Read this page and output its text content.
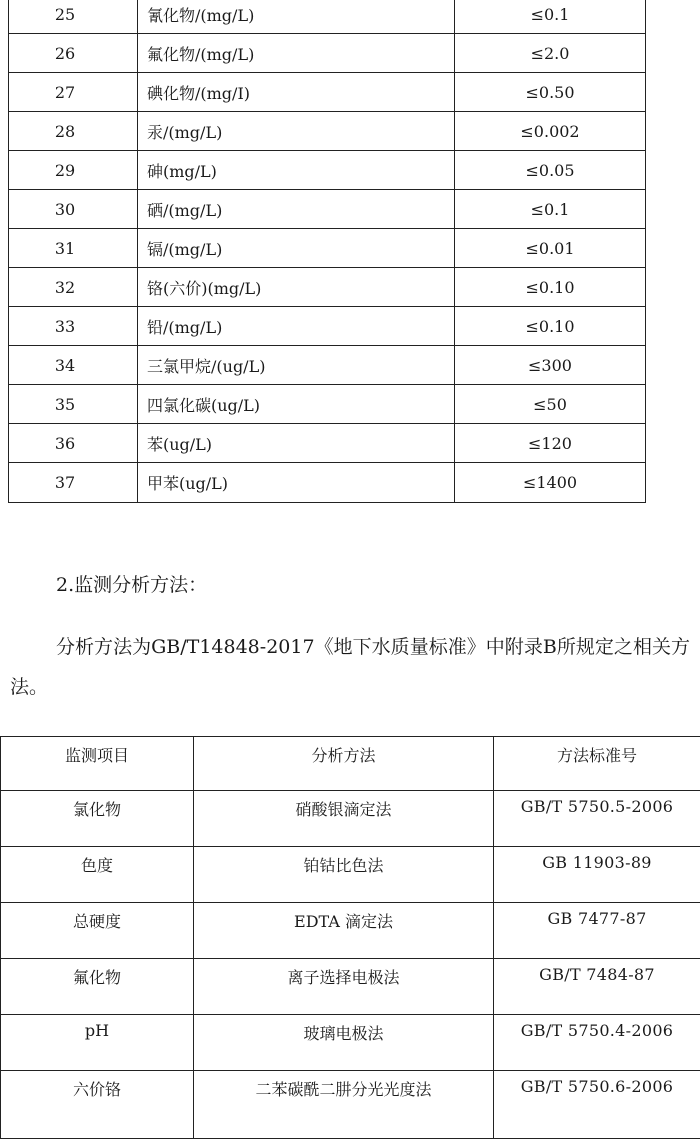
25	氰化物/(mg/L)	≤0.1
26	氟化物/(mg/L)	≤2.0
27	碘化物/(mg/I)	≤0.50
28	汞/(mg/L)	≤0.002
29	砷(mg/L)	≤0.05
30	硒/(mg/L)	≤0.1
31	镉/(mg/L)	≤0.01
32	铬(六价)(mg/L)	≤0.10
33	铅/(mg/L)	≤0.10
34	三氯甲烷/(ug/L)	≤300
35	四氯化碳(ug/L)	≤50
36	苯(ug/L)	≤120
37	甲苯(ug/L)	≤1400

2.监测分析方法：

分析方法为GB/T14848-2017《地下水质量标准》中附录B所规定之相关方法。

监测项目	分析方法	方法标准号
氯化物	硝酸银滴定法	GB/T 5750.5-2006
色度	铂钴比色法	GB 11903-89
总硬度	EDTA 滴定法	GB 7477-87
氟化物	离子选择电极法	GB/T 7484-87
pH	玻璃电极法	GB/T 5750.4-2006
六价铬	二苯碳酰二肼分光光度法	GB/T 5750.6-2006
